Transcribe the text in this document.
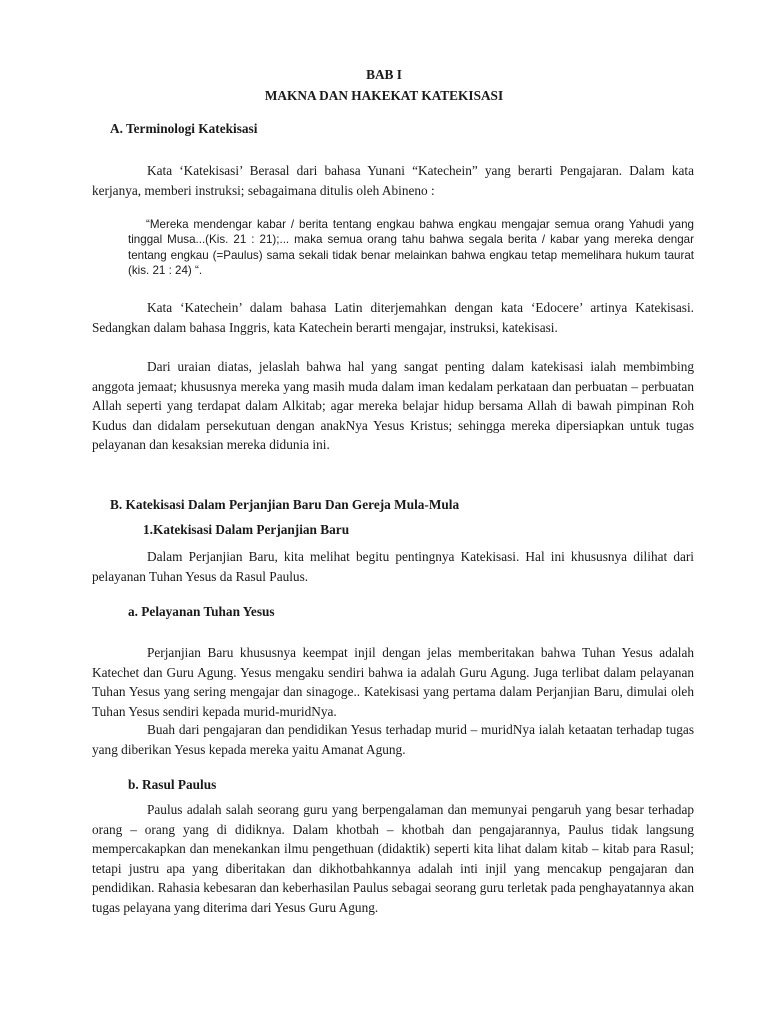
BAB I
MAKNA DAN HAKEKAT KATEKISASI
A. Terminologi Katekisasi

Kata ‘Katekisasi’ Berasal dari bahasa Yunani “Katechein” yang berarti Pengajaran. Dalam kata kerjanya, memberi instruksi; sebagaimana ditulis oleh Abineno :

“Mereka mendengar kabar / berita tentang engkau bahwa engkau mengajar semua orang Yahudi yang tinggal Musa...(Kis. 21 : 21);... maka semua orang tahu bahwa segala berita / kabar yang mereka dengar tentang engkau (=Paulus) sama sekali tidak benar melainkan bahwa engkau tetap memelihara hukum taurat (kis. 21 : 24) “.

Kata ‘Katechein’ dalam bahasa Latin diterjemahkan dengan kata ‘Edocere’ artinya Katekisasi. Sedangkan dalam bahasa Inggris, kata Katechein berarti mengajar, instruksi, katekisasi.

Dari uraian diatas, jelaslah bahwa hal yang sangat penting dalam katekisasi ialah membimbing anggota jemaat; khususnya mereka yang masih muda dalam iman kedalam perkataan dan perbuatan – perbuatan Allah seperti yang terdapat dalam Alkitab; agar mereka belajar hidup bersama Allah di bawah pimpinan Roh Kudus dan didalam persekutuan dengan anakNya Yesus Kristus; sehingga mereka dipersiapkan untuk tugas pelayanan dan kesaksian mereka didunia ini.

B. Katekisasi Dalam Perjanjian Baru Dan Gereja Mula-Mula
1.Katekisasi Dalam Perjanjian Baru

Dalam Perjanjian Baru, kita melihat begitu pentingnya Katekisasi. Hal ini khususnya dilihat dari pelayanan Tuhan Yesus da Rasul Paulus.

a. Pelayanan Tuhan Yesus

Perjanjian Baru khususnya keempat injil dengan jelas memberitakan bahwa Tuhan Yesus adalah Katechet dan Guru Agung. Yesus mengaku sendiri bahwa ia adalah Guru Agung. Juga terlibat dalam pelayanan Tuhan Yesus yang sering mengajar dan sinagoge.. Katekisasi yang pertama dalam Perjanjian Baru, dimulai oleh Tuhan Yesus sendiri kepada murid-muridNya.

Buah dari pengajaran dan pendidikan Yesus terhadap murid – muridNya ialah ketaatan terhadap tugas yang diberikan Yesus kepada mereka yaitu Amanat Agung.

b. Rasul Paulus

Paulus adalah salah seorang guru yang berpengalaman dan memunyai pengaruh yang besar terhadap orang – orang yang di didiknya. Dalam khotbah – khotbah dan pengajarannya, Paulus tidak langsung mempercakapkan dan menekankan ilmu pengethuan (didaktik) seperti kita lihat dalam kitab – kitab para Rasul; tetapi justru apa yang diberitakan dan dikhotbahkannya adalah inti injil yang mencakup pengajaran dan pendidikan. Rahasia kebesaran dan keberhasilan Paulus sebagai seorang guru terletak pada penghayatannya akan tugas pelayana yang diterima dari Yesus Guru Agung.
